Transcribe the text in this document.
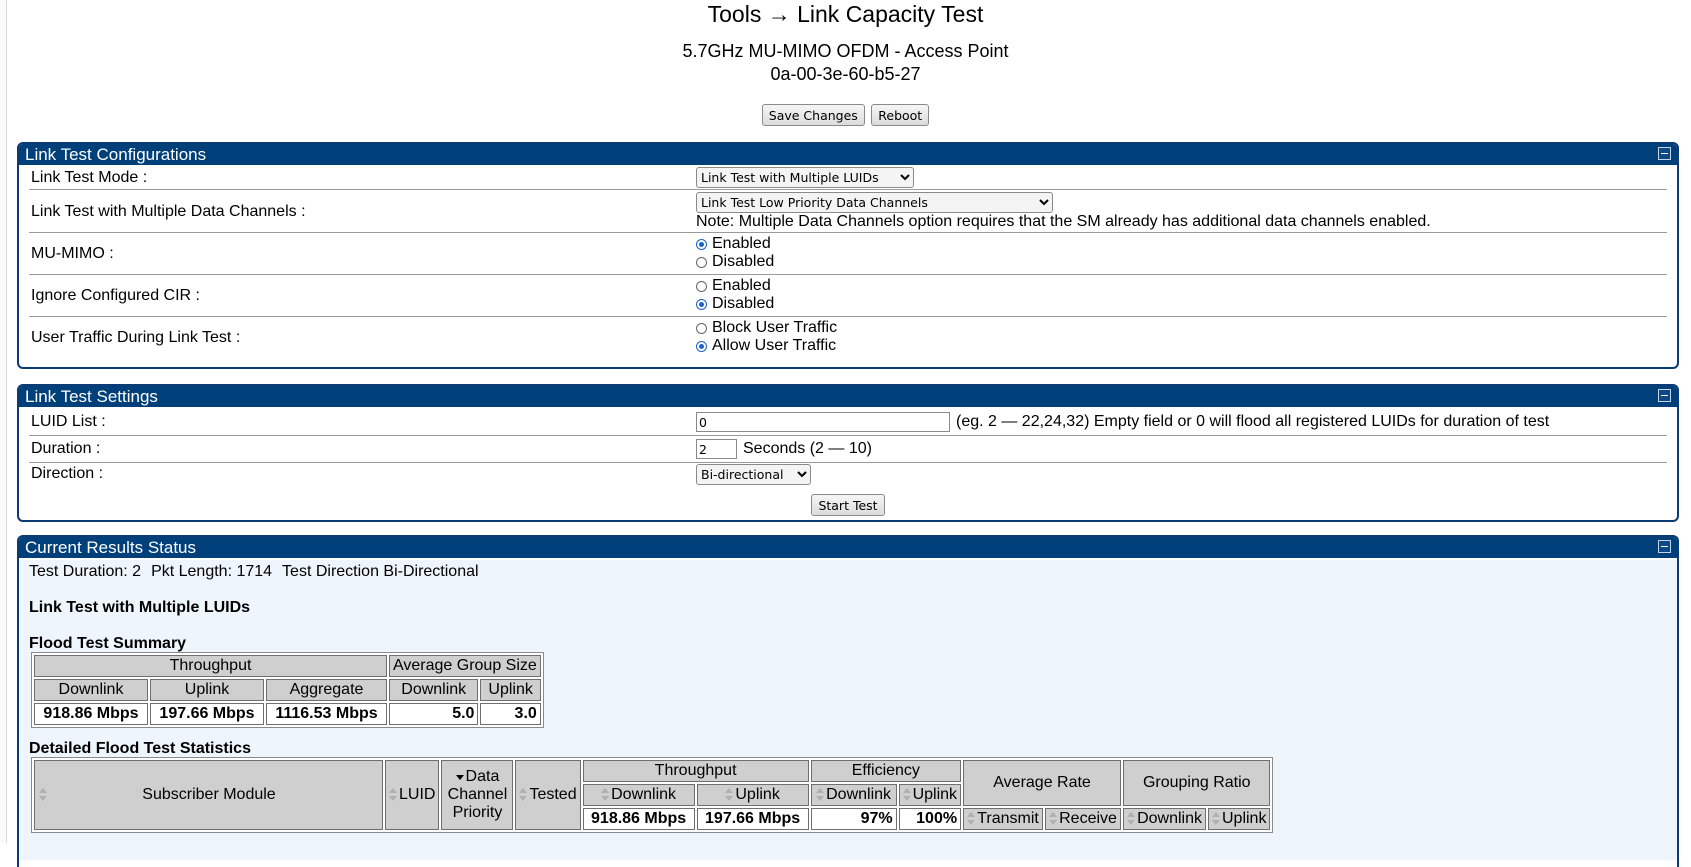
Tools → Link Capacity Test
5.7GHz MU-MIMO OFDM - Access Point
0a-00-3e-60-b5-27
Save Changes Reboot
Link Test Configurations
Link Test Mode :
Link Test with Multiple LUIDs
Link Test with Multiple Data Channels :
Link Test Low Priority Data Channels
Note: Multiple Data Channels option requires that the SM already has additional data channels enabled.
MU-MIMO :
Enabled
Disabled
Ignore Configured CIR :
Enabled
Disabled
User Traffic During Link Test :
Block User Traffic
Allow User Traffic
Link Test Settings
LUID List :
0	(eg. 2 — 22,24,32) Empty field or 0 will flood all registered LUIDs for duration of test
Duration :
2	Seconds (2 — 10)
Direction :
Bi-directional
Start Test
Current Results Status
Test Duration: 2 Pkt Length: 1714 Test Direction Bi-Directional
Link Test with Multiple LUIDs
Flood Test Summary
Throughput			Average Group Size	
Downlink	Uplink	Aggregate	Downlink	Uplink
918.86 Mbps	197.66 Mbps	1116.53 Mbps	5.0	3.0
Detailed Flood Test Statistics
Subscriber Module	LUID	Data Channel Priority	Tested	Throughput		Efficiency		Average Rate		Grouping Ratio	
				Downlink	Uplink	Downlink	Uplink				
				918.86 Mbps	197.66 Mbps	97%	100%	Transmit	Receive	Downlink	Uplink
